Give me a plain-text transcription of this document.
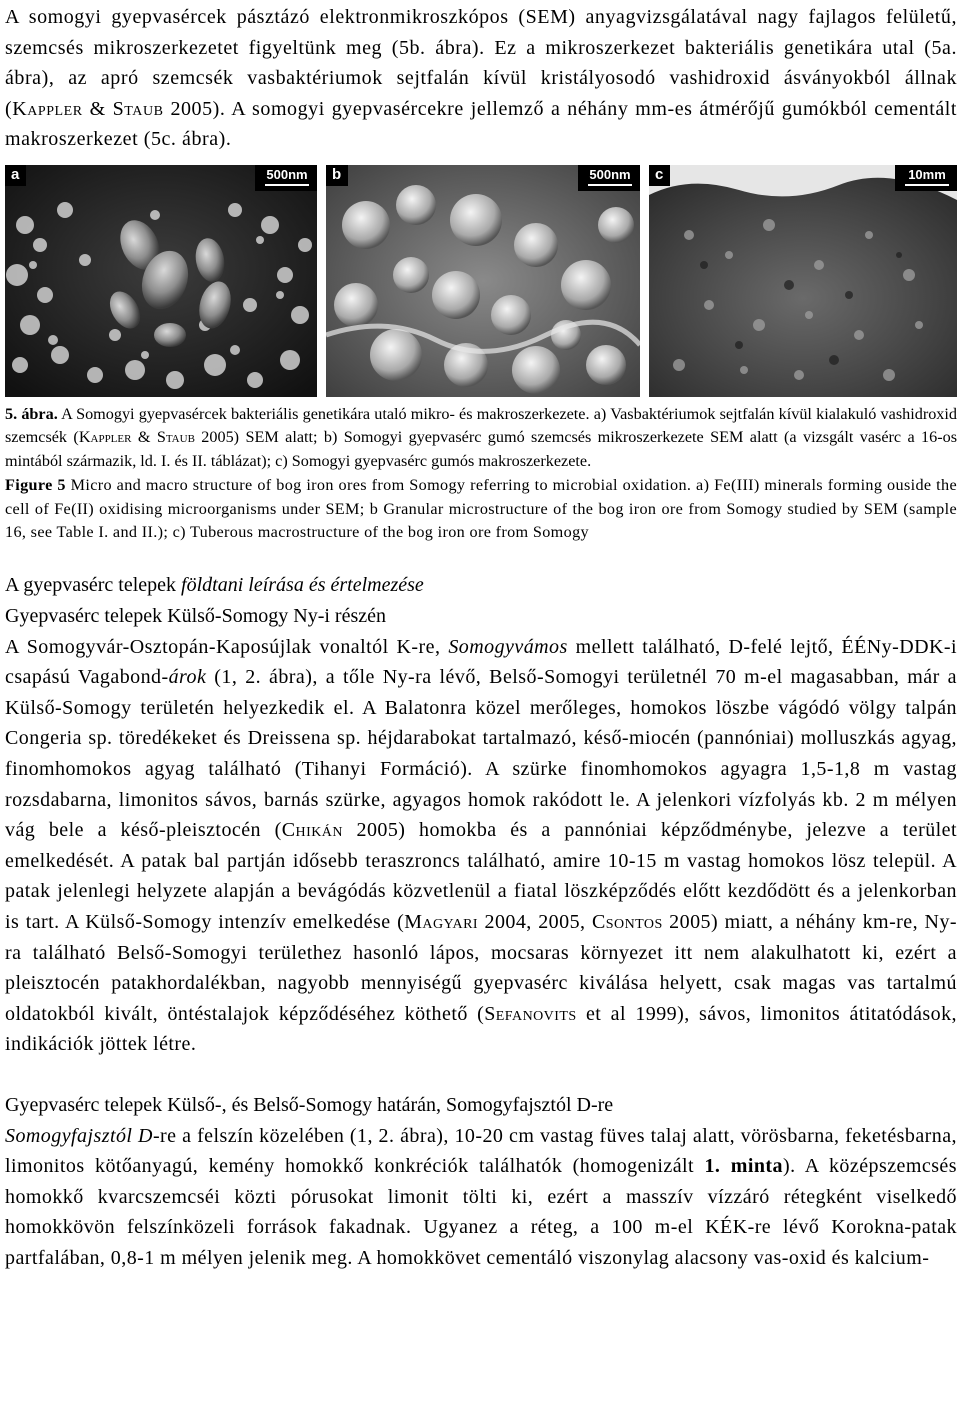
A somogyi gyepvasércek pásztázó elektronmikroszkópos (SEM) anyagvizsgálatával nagy fajlagos felületű, szemcsés mikroszerkezetet figyeltünk meg (5b. ábra). Ez a mikroszerkezet bakteriális genetikára utal (5a. ábra), az apró szemcsék vasbaktériumok sejtfalán kívül kristályosodó vashidroxid ásványokból állnak (Kappler & Staub 2005). A somogyi gyepvasércekre jellemző a néhány mm-es átmérőjű gumókból cementált makroszerkezet (5c. ábra).

a	500nm	b	500nm	c	10mm

5. ábra. A Somogyi gyepvasércek bakteriális genetikára utaló mikro- és makroszerkezete. a) Vasbaktériumok sejtfalán kívül kialakuló vashidroxid szemcsék (Kappler & Staub 2005) SEM alatt; b) Somogyi gyepvasérc gumó szemcsés mikroszerkezete SEM alatt (a vizsgált vasérc a 16-os mintából származik, ld. I. és II. táblázat); c) Somogyi gyepvasérc gumós makroszerkezete.

Figure 5 Micro and macro structure of bog iron ores from Somogy referring to microbial oxidation. a) Fe(III) minerals forming ouside the cell of Fe(II) oxidising microorganisms under SEM; b Granular microstructure of the bog iron ore from Somogy studied by SEM (sample 16, see Table I. and II.); c) Tuberous macrostructure of the bog iron ore from Somogy

A gyepvasérc telepek földtani leírása és értelmezése

Gyepvasérc telepek Külső-Somogy Ny-i részén

A Somogyvár-Osztopán-Kaposújlak vonaltól K-re, Somogyvámos mellett található, D-felé lejtő, ÉÉNy-DDK-i csapású Vagabond-árok (1, 2. ábra), a tőle Ny-ra lévő, Belső-Somogyi területnél 70 m-el magasabban, már a Külső-Somogy területén helyezkedik el. A Balatonra közel merőleges, homokos löszbe vágódó völgy talpán Congeria sp. töredékeket és Dreissena sp. héjdarabokat tartalmazó, késő-miocén (pannóniai) molluszkás agyag, finomhomokos agyag található (Tihanyi Formáció). A szürke finomhomokos agyagra 1,5-1,8 m vastag rozsdabarna, limonitos sávos, barnás szürke, agyagos homok rakódott le. A jelenkori vízfolyás kb. 2 m mélyen vág bele a késő-pleisztocén (Chikán 2005) homokba és a pannóniai képződménybe, jelezve a terület emelkedését. A patak bal partján idősebb teraszroncs található, amire 10-15 m vastag homokos lösz települ. A patak jelenlegi helyzete alapján a bevágódás közvetlenül a fiatal löszképződés előtt kezdődött és a jelenkorban is tart. A Külső-Somogy intenzív emelkedése (Magyari 2004, 2005, Csontos 2005) miatt, a néhány km-re, Ny-ra található Belső-Somogyi területhez hasonló lápos, mocsaras környezet itt nem alakulhatott ki, ezért a pleisztocén patakhordalékban, nagyobb mennyiségű gyepvasérc kiválása helyett, csak magas vas tartalmú oldatokból kivált, öntéstalajok képződéséhez köthető (Sefanovits et al 1999), sávos, limonitos átitatódások, indikációk jöttek létre.

Gyepvasérc telepek Külső-, és Belső-Somogy határán, Somogyfajsztól D-re

Somogyfajsztól D-re a felszín közelében (1, 2. ábra), 10-20 cm vastag füves talaj alatt, vörösbarna, feketésbarna, limonitos kötőanyagú, kemény homokkő konkréciók találhatók (homogenizált 1. minta). A középszemcsés homokkő kvarcszemcséi közti pórusokat limonit tölti ki, ezért a masszív vízzáró rétegként viselkedő homokkövön felszínközeli források fakadnak. Ugyanez a réteg, a 100 m-el KÉK-re lévő Korokna-patak partfalában, 0,8-1 m mélyen jelenik meg. A homokkövet cementáló viszonylag alacsony vas-oxid és kalcium-
